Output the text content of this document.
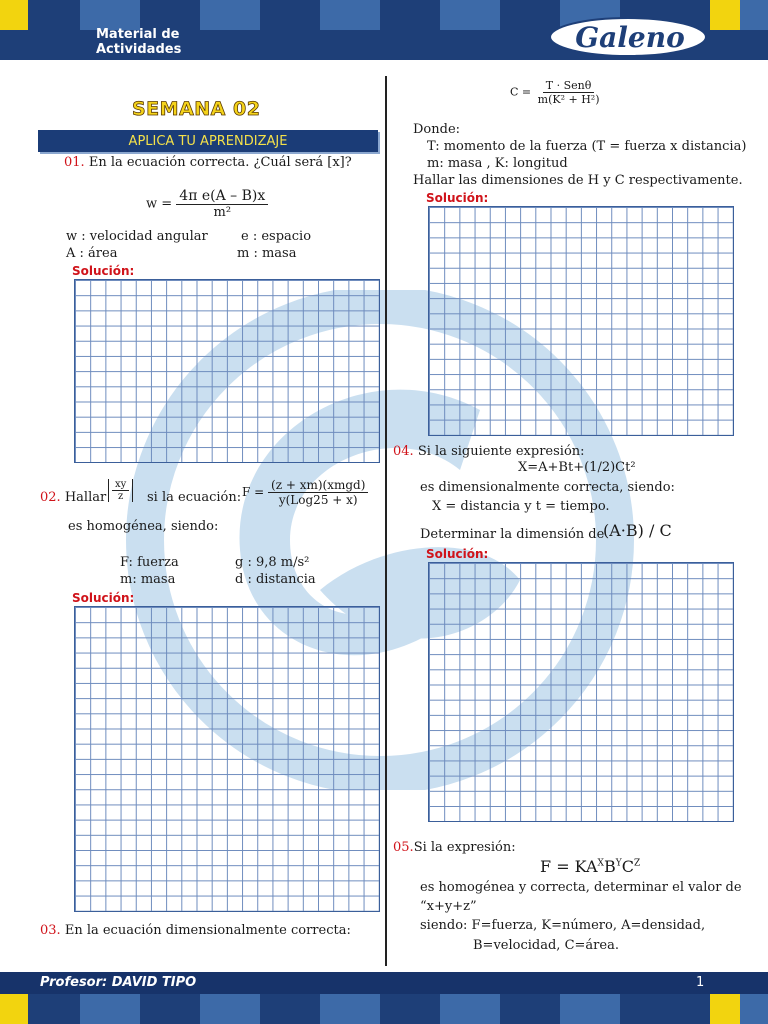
Material de
Actividades	Galeno
SEMANA 02
APLICA TU APRENDIZAJE
01. En la ecuación correcta. ¿Cuál será [x]?
$w = \frac{\text{4π e(A – B)x}}{\text{m²}}$
w : velocidad angular	e : espacio
A : área	m : masa
Solución:
02. Hallar $\frac{xy}{z}$ si la ecuación: $F = \frac{\text{(z + xm)(xmgd)}}{\text{y(Log25 + x)}}$
es homogénea, siendo:
F: fuerza	g : 9,8 m/s²
m: masa	d : distancia
Solución:
03. En la ecuación dimensionalmente correcta:
$C = \frac{\text{T · Senθ}}{\text{m(K² + H²)}}$
Donde:
T: momento de la fuerza (T = fuerza x distancia)
m: masa , K: longitud
Hallar las dimensiones de H y C respectivamente.
Solución:
04. Si la siguiente expresión:
X=A+Bt+(1/2)Ct²
es dimensionalmente correcta, siendo:
X = distancia y t = tiempo.
Determinar la dimensión de
(A·B) / C
Solución:
05.Si la expresión:
$F = KA^XB^YC^Z$
es homogénea y correcta, determinar el valor de
“x+y+z”
siendo: F=fuerza, K=número, A=densidad,
B=velocidad, C=área.
Profesor: DAVID TIPO	1
